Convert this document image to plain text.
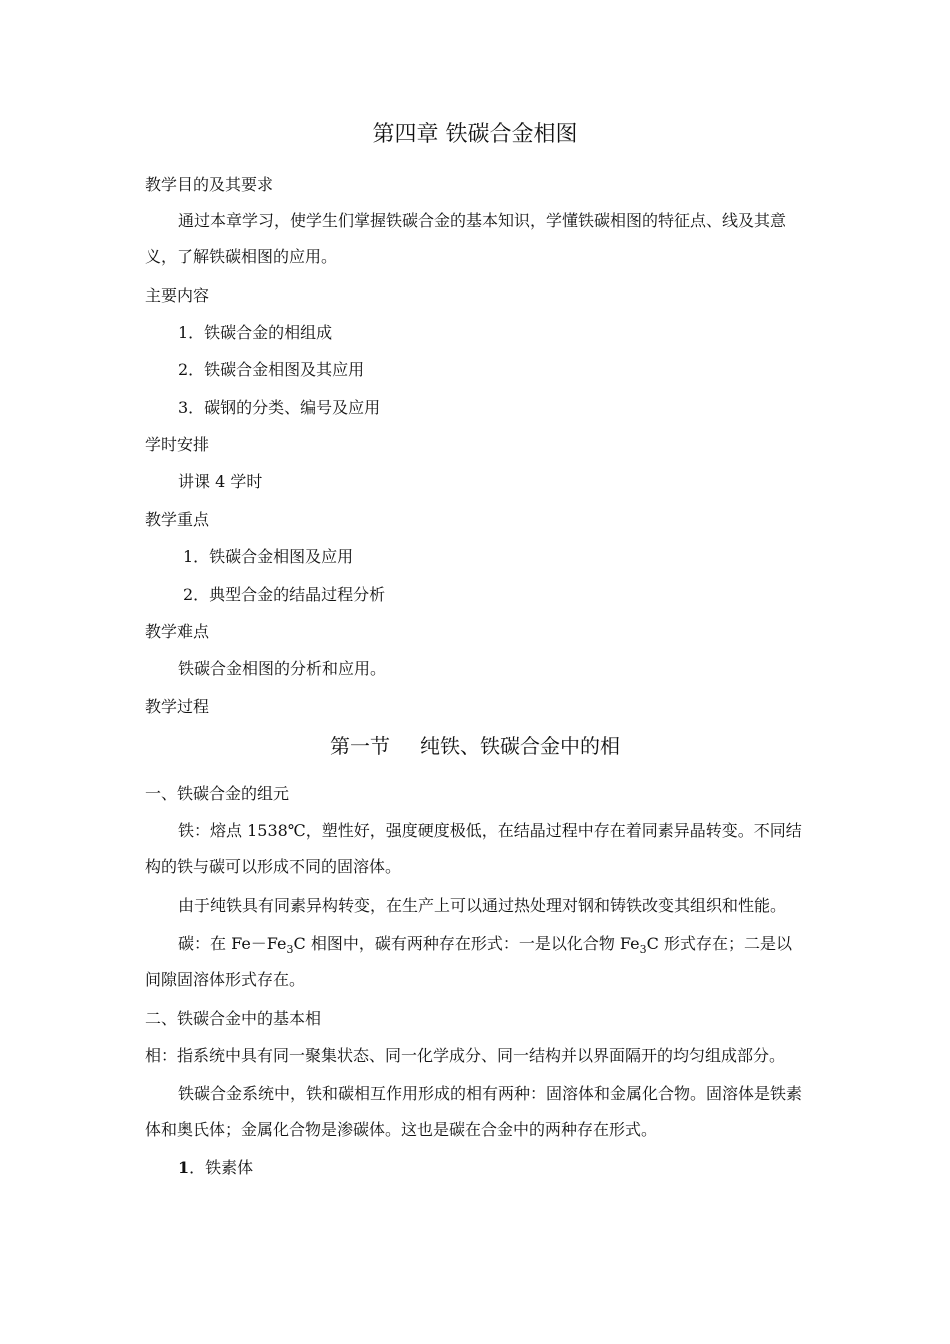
第四章 铁碳合金相图
教学目的及其要求
通过本章学习，使学生们掌握铁碳合金的基本知识，学懂铁碳相图的特征点、线及其意义，了解铁碳相图的应用。
主要内容
1．铁碳合金的相组成
2．铁碳合金相图及其应用
3．碳钢的分类、编号及应用
学时安排
讲课 4 学时
教学重点
1．铁碳合金相图及应用
2．典型合金的结晶过程分析
教学难点
铁碳合金相图的分析和应用。
教学过程
第一节 纯铁、铁碳合金中的相
一、铁碳合金的组元
铁：熔点 1538℃，塑性好，强度硬度极低，在结晶过程中存在着同素异晶转变。不同结构的铁与碳可以形成不同的固溶体。
由于纯铁具有同素异构转变，在生产上可以通过热处理对钢和铸铁改变其组织和性能。
碳：在 $Fe-Fe_3C$ 相图中，碳有两种存在形式：一是以化合物 $Fe_3C$ 形式存在；二是以间隙固溶体形式存在。
二、铁碳合金中的基本相
相：指系统中具有同一聚集状态、同一化学成分、同一结构并以界面隔开的均匀组成部分。
铁碳合金系统中，铁和碳相互作用形成的相有两种：固溶体和金属化合物。固溶体是铁素体和奥氏体；金属化合物是渗碳体。这也是碳在合金中的两种存在形式。
1．铁素体
